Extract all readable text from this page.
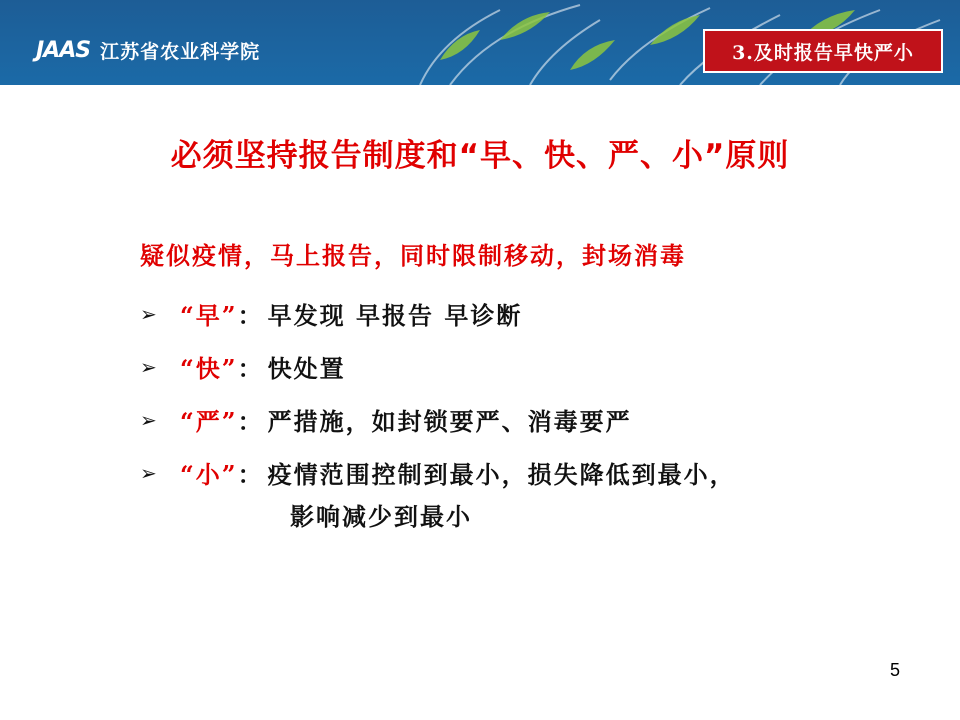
JAAS 江苏省农业科学院	3.及时报告早快严小
必须坚持报告制度和“早、快、严、小”原则
疑似疫情，马上报告，同时限制移动，封场消毒
➢ “早” ： 早发现 早报告 早诊断
➢ “快” ： 快处置
➢ “严” ： 严措施，如封锁要严、消毒要严
➢ “小” ： 疫情范围控制到最小，损失降低到最小，
影响减少到最小
5
